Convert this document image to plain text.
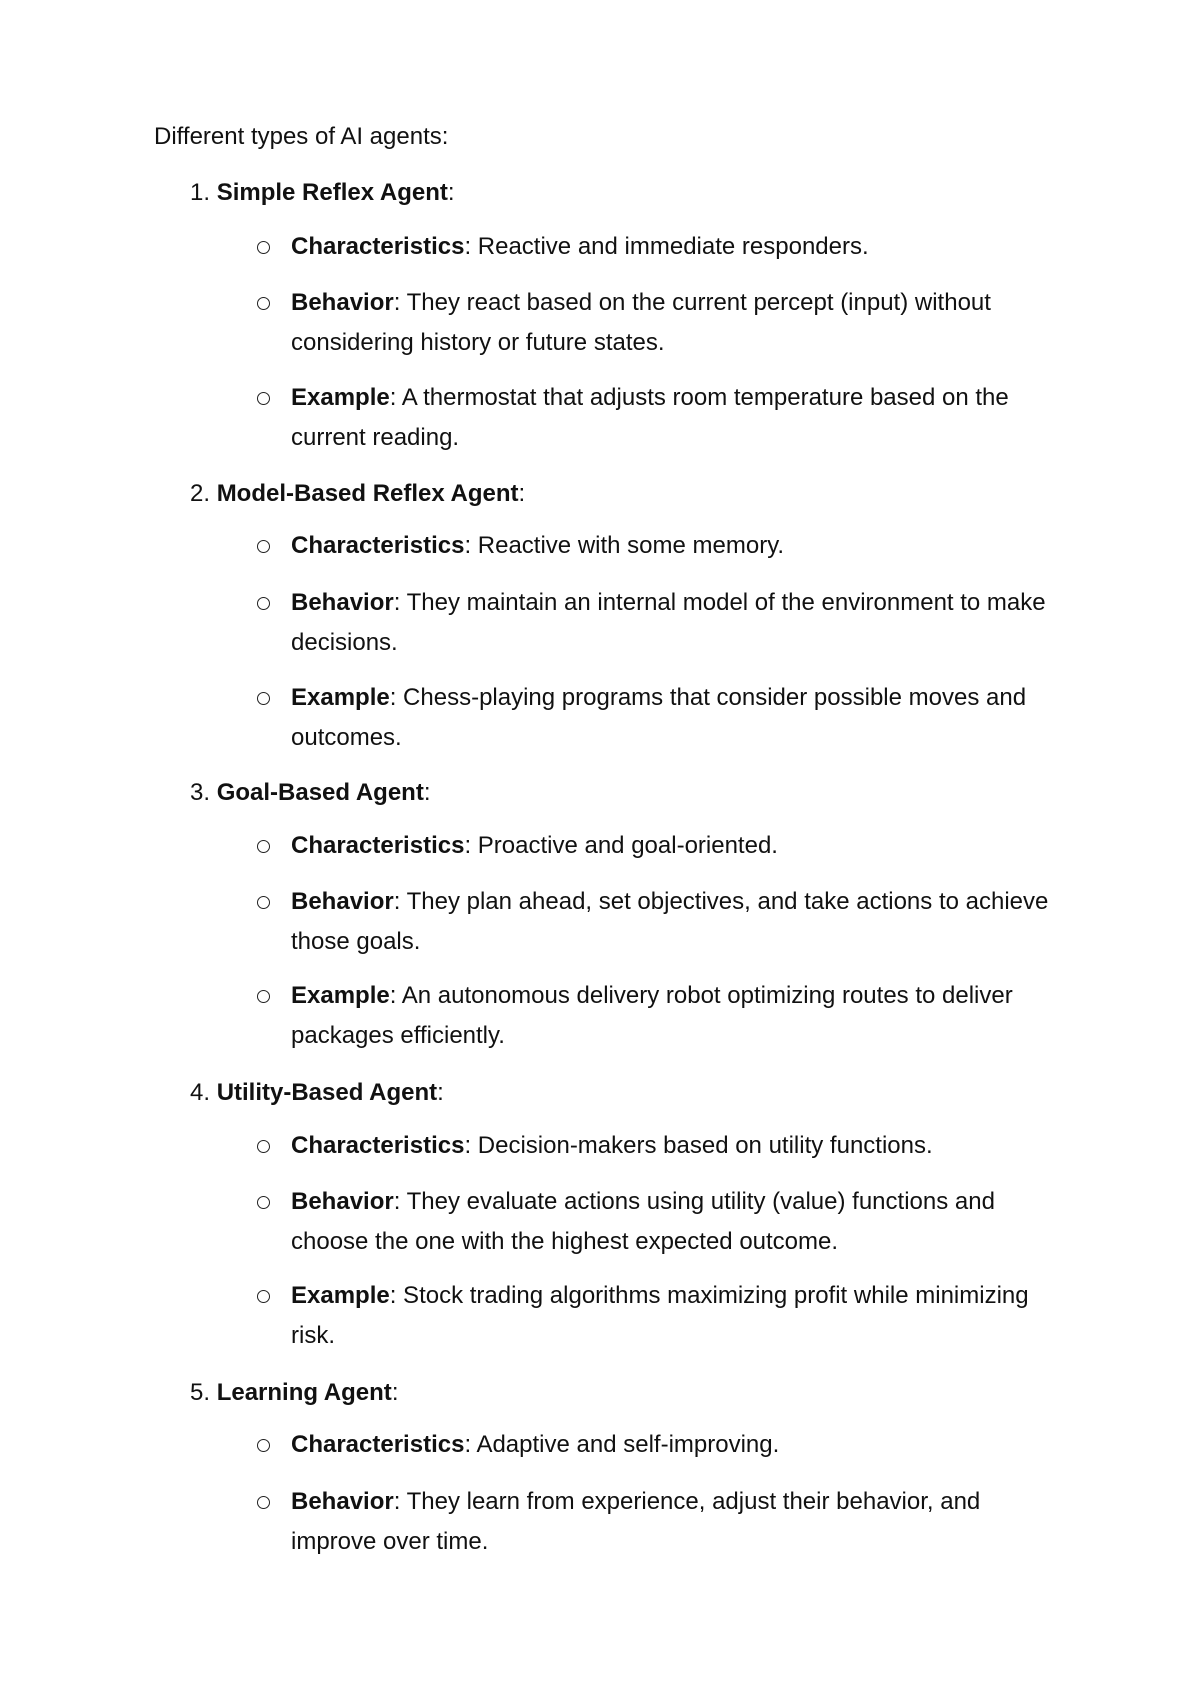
Different types of AI agents:
1. Simple Reflex Agent:
Characteristics: Reactive and immediate responders.
Behavior: They react based on the current percept (input) without considering history or future states.
Example: A thermostat that adjusts room temperature based on the current reading.
2. Model-Based Reflex Agent:
Characteristics: Reactive with some memory.
Behavior: They maintain an internal model of the environment to make decisions.
Example: Chess-playing programs that consider possible moves and outcomes.
3. Goal-Based Agent:
Characteristics: Proactive and goal-oriented.
Behavior: They plan ahead, set objectives, and take actions to achieve those goals.
Example: An autonomous delivery robot optimizing routes to deliver packages efficiently.
4. Utility-Based Agent:
Characteristics: Decision-makers based on utility functions.
Behavior: They evaluate actions using utility (value) functions and choose the one with the highest expected outcome.
Example: Stock trading algorithms maximizing profit while minimizing risk.
5. Learning Agent:
Characteristics: Adaptive and self-improving.
Behavior: They learn from experience, adjust their behavior, and improve over time.
